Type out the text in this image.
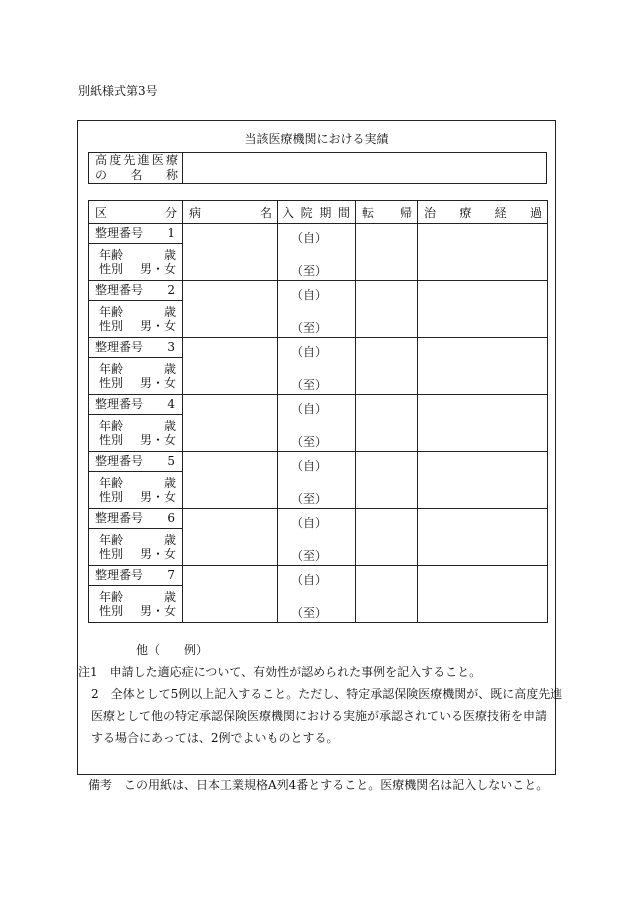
別紙様式第3号
当該医療機関における実績
高 度 先 進 医 療
の 名 称

区 分	病 名	入 院 期 間	転 帰	治 療 経 過

整理番号 1		（自）
（至）		

年齢 歳
性別 男・女				

整理番号 2		（自）
（至）		

年齢 歳
性別 男・女				

整理番号 3		（自）
（至）		

年齢 歳
性別 男・女				

整理番号 4		（自）
（至）		

年齢 歳
性別 男・女				

整理番号 5		（自）
（至）		

年齢 歳
性別 男・女				

整理番号 6		（自）
（至）		

年齢 歳
性別 男・女				

整理番号 7		（自）
（至）		

年齢 歳
性別 男・女				
他（　　例）
注1　 申請した適応症について、有効性が認められた事例を記入すること。
2　 全体として5例以上記入すること。ただし、特定承認保険医療機関が、既に高度先進
医療として他の特定承認保険医療機関における実施が承認されている医療技術を申請
する場合にあっては、2例でよいものとする。
備考　この用紙は、日本工業規格A列4番とすること。医療機関名は記入しないこと。
